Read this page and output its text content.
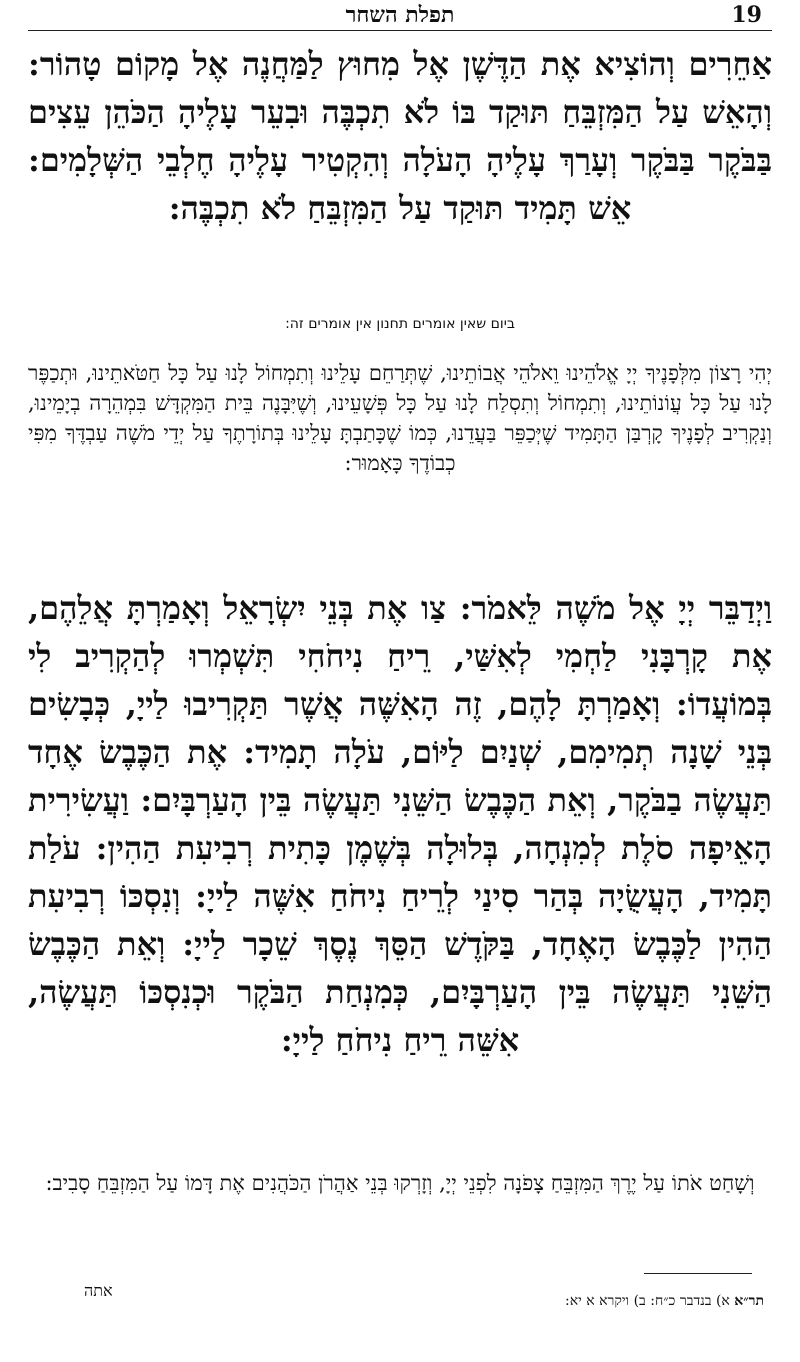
19
תפלת השחר
אַחֵרִים וְהוֹצִיא אֶת הַדֶּשֶׁן אֶל מִחוּץ לַמַּחֲנֶה אֶל מָקוֹם טָהוֹר: וְהָאֵשׁ עַל הַמִּזְבֵּחַ תּוּקַד בּוֹ לֹא תִכְבֶּה וּבִעֵר עָלֶיהָ הַכֹּהֵן עֵצִים בַּבֹּקֶר בַּבֹּקֶר וְעָרַךְ עָלֶיהָ הָעֹלָה וְהִקְטִיר עָלֶיהָ חֶלְבֵי הַשְּׁלָמִים: אֵשׁ תָּמִיד תּוּקַד עַל הַמִּזְבֵּחַ לֹא תִכְבֶּה:
ביום שאין אומרים תחנון אין אומרים זה:
יְהִי רָצוֹן מִלְּפָנֶיךָ יְיָ אֱלֹהֵינוּ וֵאלֹהֵי אֲבוֹתֵינוּ, שֶׁתְּרַחֵם עָלֵינוּ וְתִמְחוֹל לָנוּ עַל כָּל חַטֹּאתֵינוּ, וּתְכַפֶּר לָנוּ עַל כָּל עֲוֹנוֹתֵינוּ, וְתִמְחוֹל וְתִסְלַח לָנוּ עַל כָּל פְּשָׁעֵינוּ, וְשֶׁיִּבָּנֶה בֵּית הַמִּקְדָּשׁ בִּמְהֵרָה בְיָמֵינוּ, וְנַקְרִיב לְפָנֶיךָ קָרְבַּן הַתָּמִיד שֶׁיְּכַפֵּר בַּעֲדֵנוּ, כְּמוֹ שֶׁכָּתַבְתָּ עָלֵינוּ בְּתוֹרָתֶךָ עַל יְדֵי מֹשֶׁה עַבְדֶּךָ מִפִּי כְבוֹדֶךָ כָּאָמוּר:
וַיְדַבֵּר יְיָ אֶל מֹשֶׁה לֵּאמֹר: צַו אֶת בְּנֵי יִשְׂרָאֵל וְאָמַרְתָּ אֲלֵהֶם, אֶת קָרְבָּנִי לַחְמִי לְאִשַּׁי, רֵיחַ נִיחֹחִי תִּשְׁמְרוּ לְהַקְרִיב לִי בְּמוֹעֲדוֹ: וְאָמַרְתָּ לָהֶם, זֶה הָאִשֶּׁה אֲשֶׁר תַּקְרִיבוּ לַייָ, כְּבָשִׂים בְּנֵי שָׁנָה תְמִימִם, שְׁנַיִם לַיּוֹם, עֹלָה תָמִיד: אֶת הַכֶּבֶשׂ אֶחָד תַּעֲשֶׂה בַבֹּקֶר, וְאֵת הַכֶּבֶשׂ הַשֵּׁנִי תַּעֲשֶׂה בֵּין הָעַרְבָּיִם: וַעֲשִׂירִית הָאֵיפָה סֹלֶת לְמִנְחָה, בְּלוּלָה בְּשֶׁמֶן כָּתִית רְבִיעִת הַהִין: עֹלַת תָּמִיד, הָעֲשֻׂיָה בְּהַר סִינַי לְרֵיחַ נִיחֹחַ אִשֶּׁה לַייָ: וְנִסְכּוֹ רְבִיעִת הַהִין לַכֶּבֶשׂ הָאֶחָד, בַּקֹּדֶשׁ הַסֵּךְ נֶסֶךְ שֵׁכָר לַייָ: וְאֵת הַכֶּבֶשׂ הַשֵּׁנִי תַּעֲשֶׂה בֵּין הָעַרְבָּיִם, כְּמִנְחַת הַבֹּקֶר וּכְנִסְכּוֹ תַּעֲשֶׂה, אִשֵּׁה רֵיחַ נִיחֹחַ לַייָ:
וְשָׁחַט אֹתוֹ עַל יֶרֶךְ הַמִּזְבֵּחַ צָפֹנָה לִפְנֵי יְיָ, וְזָרְקוּ בְּנֵי אַהֲרֹן הַכֹּהֲנִים אֶת דָּמוֹ עַל הַמִּזְבֵּחַ סָבִיב:
אתה
תר״א א) בנדבר כ״ח: ב) ויקרא א יא:
